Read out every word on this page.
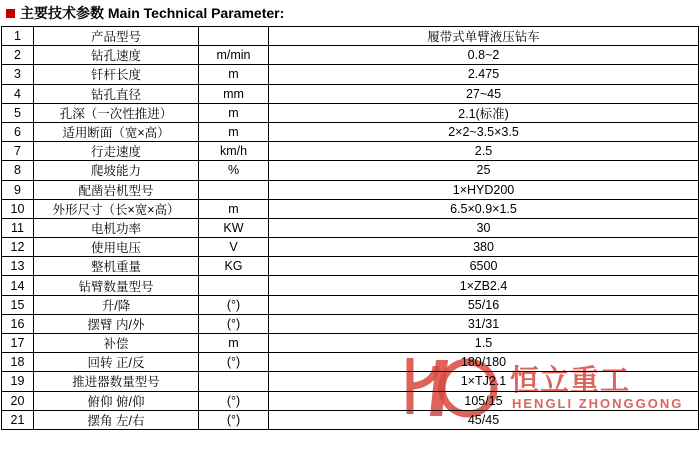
主要技术参数 Main Technical Parameter:
1	产品型号		履带式单臂液压钻车
2	钻孔速度	m/min	0.8~2
3	钎杆长度	m	2.475
4	钻孔直径	mm	27~45
5	孔深（一次性推进）	m	2.1(标准)
6	适用断面（宽×高）	m	2×2~3.5×3.5
7	行走速度	km/h	2.5
8	爬坡能力	%	25
9	配凿岩机型号		1×HYD200
10	外形尺寸（长×宽×高）	m	6.5×0.9×1.5
11	电机功率	KW	30
12	使用电压	V	380
13	整机重量	KG	6500
14	钻臂数量型号		1×ZB2.4
15	升/降	(°)	55/16
16	摆臂 内/外	(°)	31/31
17	补偿	m	1.5
18	回转 正/反	(°)	180/180
19	推进器数量型号		1×TJ2.1
20	俯仰 俯/仰	(°)	105/15
21	摆角 左/右	(°)	45/45
恒立重工
HENGLI ZHONGGONG
